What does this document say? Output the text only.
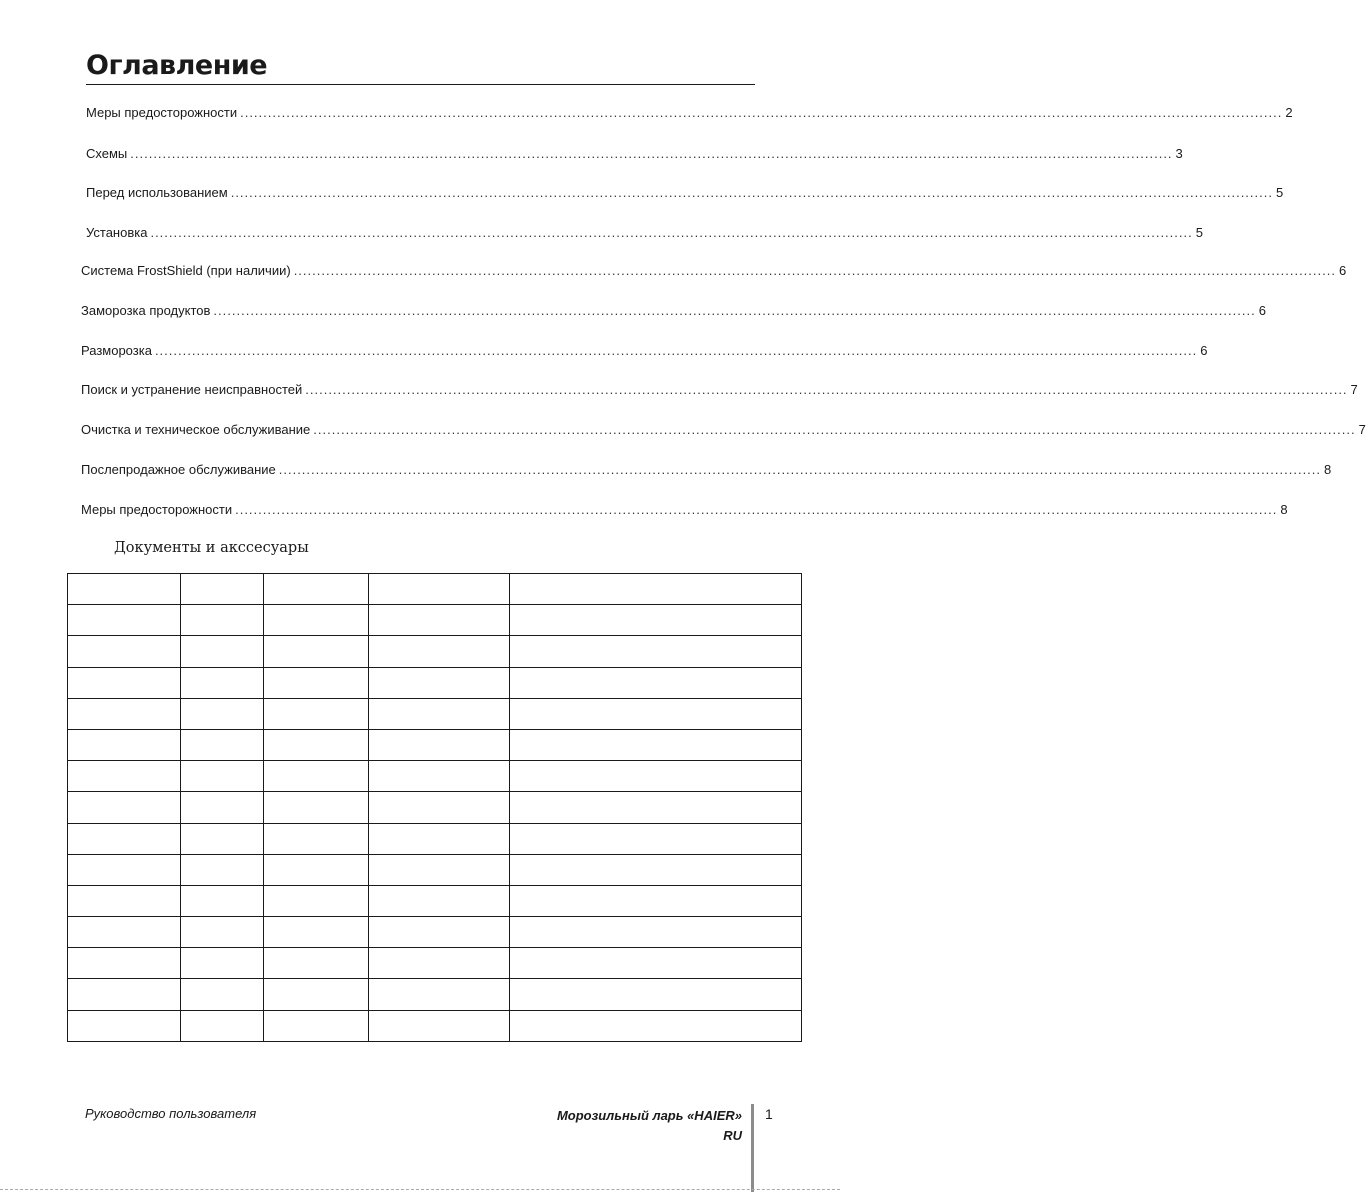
Оглавление
Меры предосторожности .................................................................................................................................................................................................................................. 2
Схемы .................................................................................................................................................................................................................................. 3
Перед использованием .................................................................................................................................................................................................................................. 5
Установка .................................................................................................................................................................................................................................. 5
Система FrostShield (при наличии) .................................................................................................................................................................................................................................. 6
Заморозка продуктов .................................................................................................................................................................................................................................. 6
Разморозка .................................................................................................................................................................................................................................. 6
Поиск и устранение неисправностей .................................................................................................................................................................................................................................. 7
Очистка и техническое обслуживание .................................................................................................................................................................................................................................. 7
Послепродажное обслуживание .................................................................................................................................................................................................................................. 8
Меры предосторожности .................................................................................................................................................................................................................................. 8
Документы и акссесуары

Руководство пользователя	Морозильный ларь «HAIER»
RU
1
